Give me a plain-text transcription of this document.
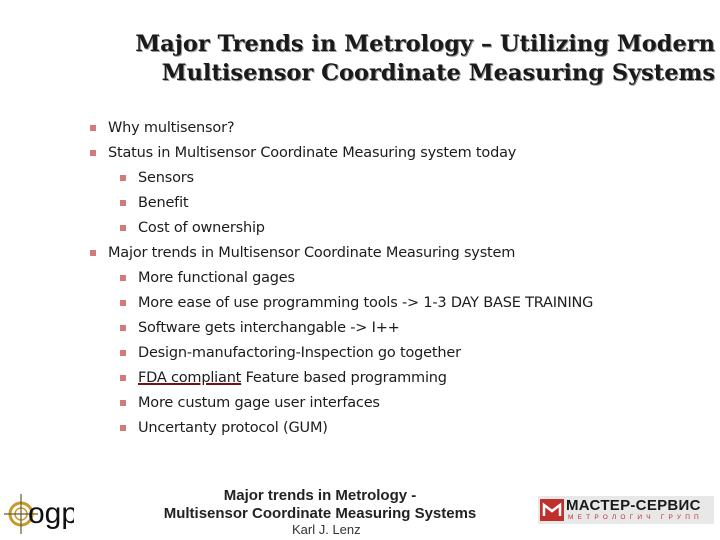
Major Trends in Metrology – Utilizing Modern
Multisensor Coordinate Measuring Systems
Why multisensor?
Status in Multisensor Coordinate Measuring system today
Sensors
Benefit
Cost of ownership
Major trends in Multisensor Coordinate Measuring system
More functional gages
More ease of use programming tools -> 1-3 DAY BASE TRAINING
Software gets interchangable -> I++
Design-manufactoring-Inspection go together
FDA compliant Feature based programming
More custum gage user interfaces
Uncertanty protocol (GUM)
ogp
Major trends in Metrology -
Multisensor Coordinate Measuring Systems
Karl J. Lenz
МАСТЕР-СЕРВИС
МЕТРОЛОГИЧ ГРУПП
